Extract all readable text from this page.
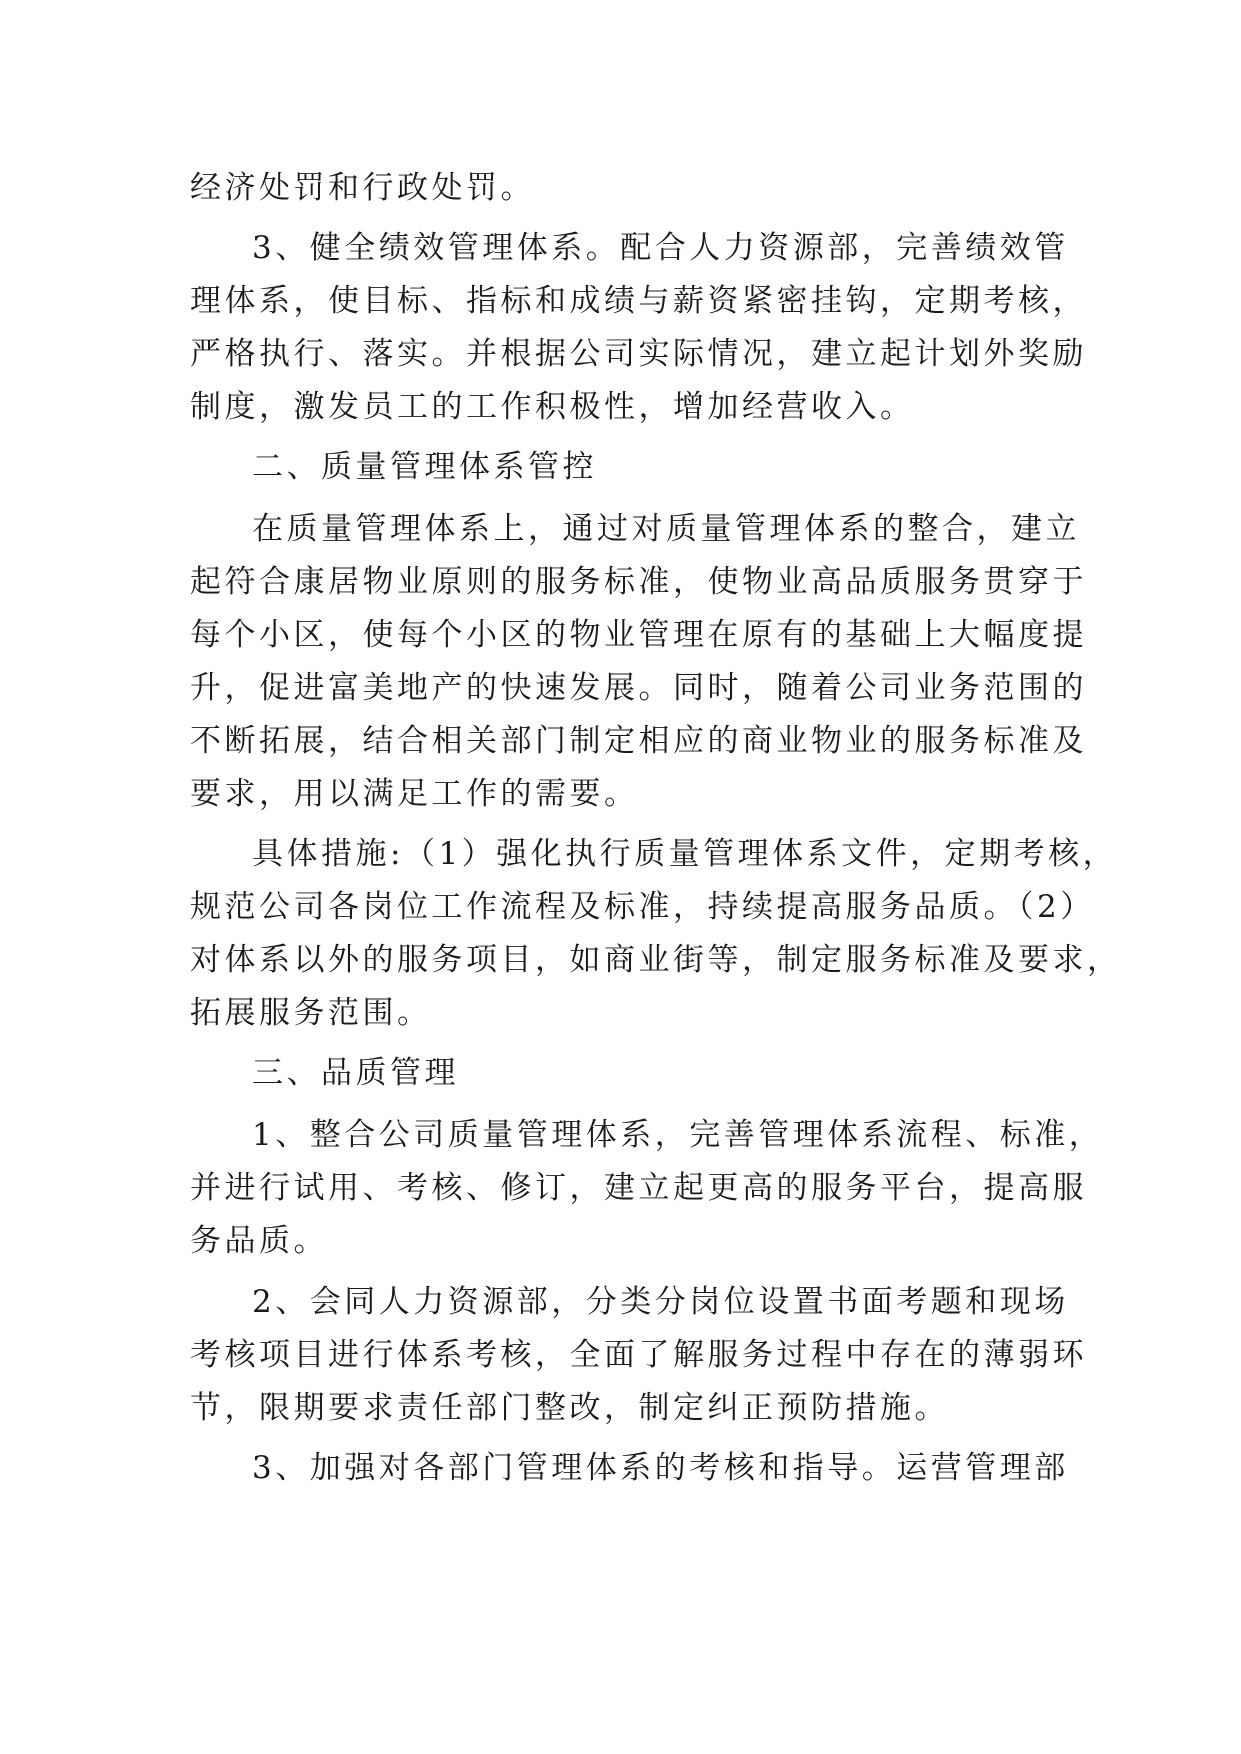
经济处罚和行政处罚。
3、健全绩效管理体系。配合人力资源部，完善绩效管
理体系，使目标、指标和成绩与薪资紧密挂钩，定期考核，
严格执行、落实。并根据公司实际情况，建立起计划外奖励
制度，激发员工的工作积极性，增加经营收入。
二、质量管理体系管控
在质量管理体系上，通过对质量管理体系的整合，建立
起符合康居物业原则的服务标准，使物业高品质服务贯穿于
每个小区，使每个小区的物业管理在原有的基础上大幅度提
升，促进富美地产的快速发展。同时，随着公司业务范围的
不断拓展，结合相关部门制定相应的商业物业的服务标准及
要求，用以满足工作的需要。
具体措施:（1）强化执行质量管理体系文件，定期考核，
规范公司各岗位工作流程及标准，持续提高服务品质。（2）
对体系以外的服务项目，如商业街等，制定服务标准及要求，
拓展服务范围。
三、品质管理
1、整合公司质量管理体系，完善管理体系流程、标准，
并进行试用、考核、修订，建立起更高的服务平台，提高服
务品质。
2、会同人力资源部，分类分岗位设置书面考题和现场
考核项目进行体系考核，全面了解服务过程中存在的薄弱环
节，限期要求责任部门整改，制定纠正预防措施。
3、加强对各部门管理体系的考核和指导。运营管理部
